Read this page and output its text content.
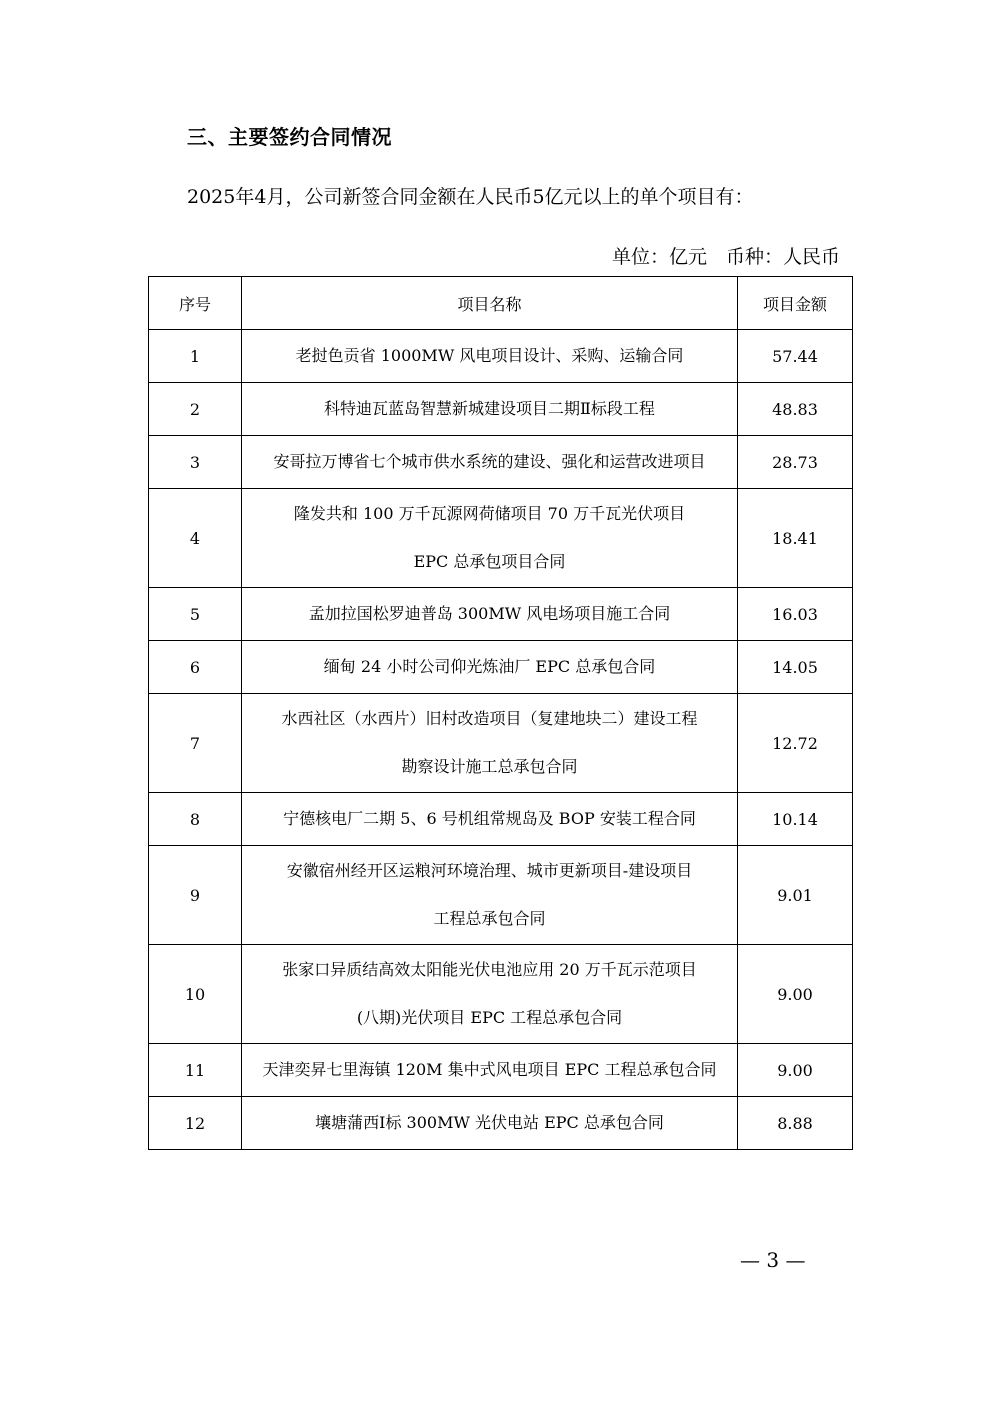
三、主要签约合同情况
2025年4月，公司新签合同金额在人民币5亿元以上的单个项目有：
单位：亿元　币种：人民币
序号	项目名称	项目金额
1	老挝色贡省 1000MW 风电项目设计、采购、运输合同	57.44
2	科特迪瓦蓝岛智慧新城建设项目二期Ⅱ标段工程	48.83
3	安哥拉万博省七个城市供水系统的建设、强化和运营改进项目	28.73
4	隆发共和 100 万千瓦源网荷储项目 70 万千瓦光伏项目
EPC 总承包项目合同	18.41
5	孟加拉国松罗迪普岛 300MW 风电场项目施工合同	16.03
6	缅甸 24 小时公司仰光炼油厂 EPC 总承包合同	14.05
7	水西社区（水西片）旧村改造项目（复建地块二）建设工程
勘察设计施工总承包合同	12.72
8	宁德核电厂二期 5、6 号机组常规岛及 BOP 安装工程合同	10.14
9	安徽宿州经开区运粮河环境治理、城市更新项目-建设项目
工程总承包合同	9.01
10	张家口异质结高效太阳能光伏电池应用 20 万千瓦示范项目
(八期)光伏项目 EPC 工程总承包合同	9.00
11	天津奕昇七里海镇 120M 集中式风电项目 EPC 工程总承包合同	9.00
12	壤塘蒲西Ⅰ标 300MW 光伏电站 EPC 总承包合同	8.88
— 3 —
